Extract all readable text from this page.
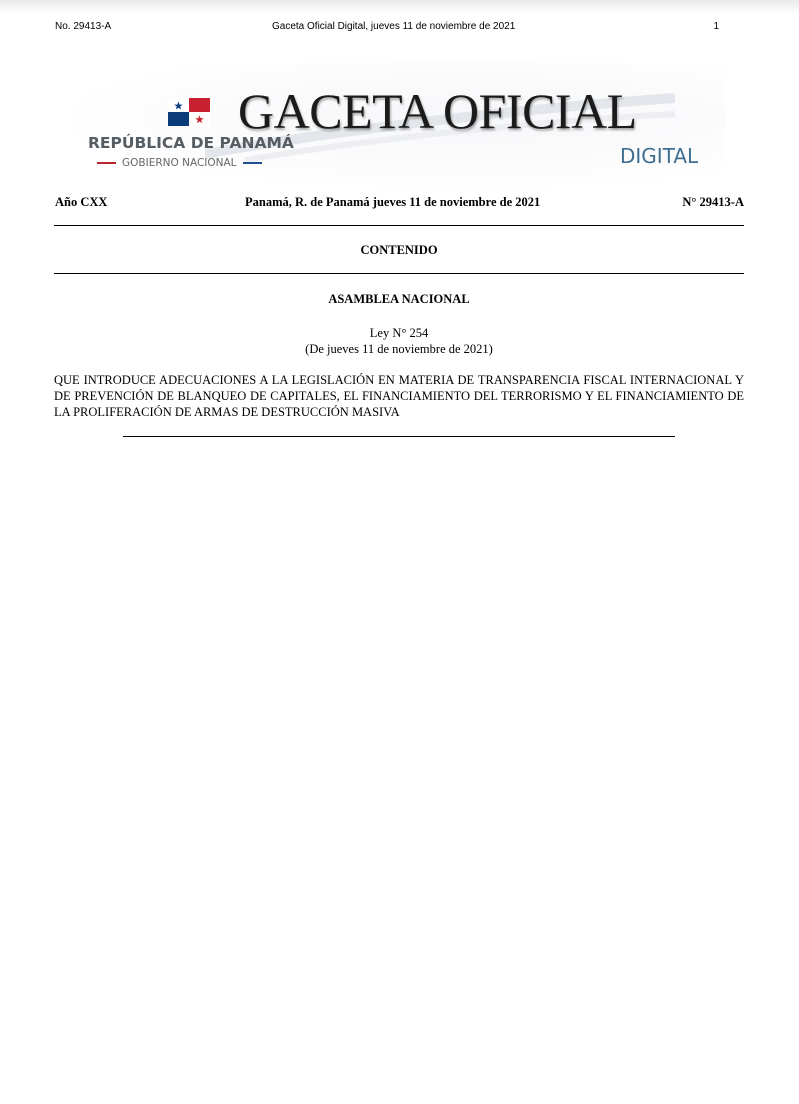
No. 29413-A	Gaceta Oficial Digital, jueves 11 de noviembre de 2021	1
GACETA OFICIAL
REPÚBLICA DE PANAMÁ
GOBIERNO NACIONAL	DIGITAL
Año CXX	Panamá, R. de Panamá jueves 11 de noviembre de 2021	N° 29413-A
CONTENIDO
ASAMBLEA NACIONAL
Ley N° 254
(De jueves 11 de noviembre de 2021)
QUE INTRODUCE ADECUACIONES A LA LEGISLACIÓN EN MATERIA DE TRANSPARENCIA FISCAL INTERNACIONAL Y DE PREVENCIÓN DE BLANQUEO DE CAPITALES, EL FINANCIAMIENTO DEL TERRORISMO Y EL FINANCIAMIENTO DE LA PROLIFERACIÓN DE ARMAS DE DESTRUCCIÓN MASIVA
